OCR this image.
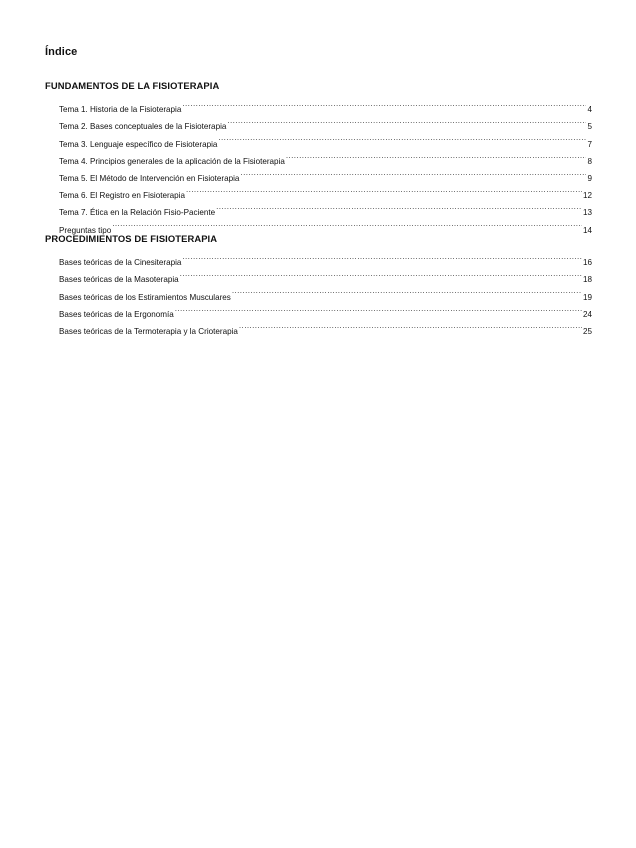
Índice
FUNDAMENTOS DE LA FISIOTERAPIA
Tema 1. Historia de la Fisioterapia .....	4
Tema 2. Bases conceptuales de la Fisioterapia .....	5
Tema 3. Lenguaje específico de Fisioterapia .....	7
Tema 4. Principios generales de la aplicación de la Fisioterapia .....	8
Tema 5. El Método de Intervención en Fisioterapia .....	9
Tema 6. El Registro en Fisioterapia .....	12
Tema 7. Ética en la Relación Fisio-Paciente .....	13
Preguntas tipo .....	14
PROCEDIMIENTOS DE FISIOTERAPIA
Bases teóricas de la Cinesiterapia .....	16
Bases teóricas de la Masoterapia .....	18
Bases teóricas de los Estiramientos Musculares .....	19
Bases teóricas de la Ergonomía .....	24
Bases teóricas de la Termoterapia y la Crioterapia .....	25
